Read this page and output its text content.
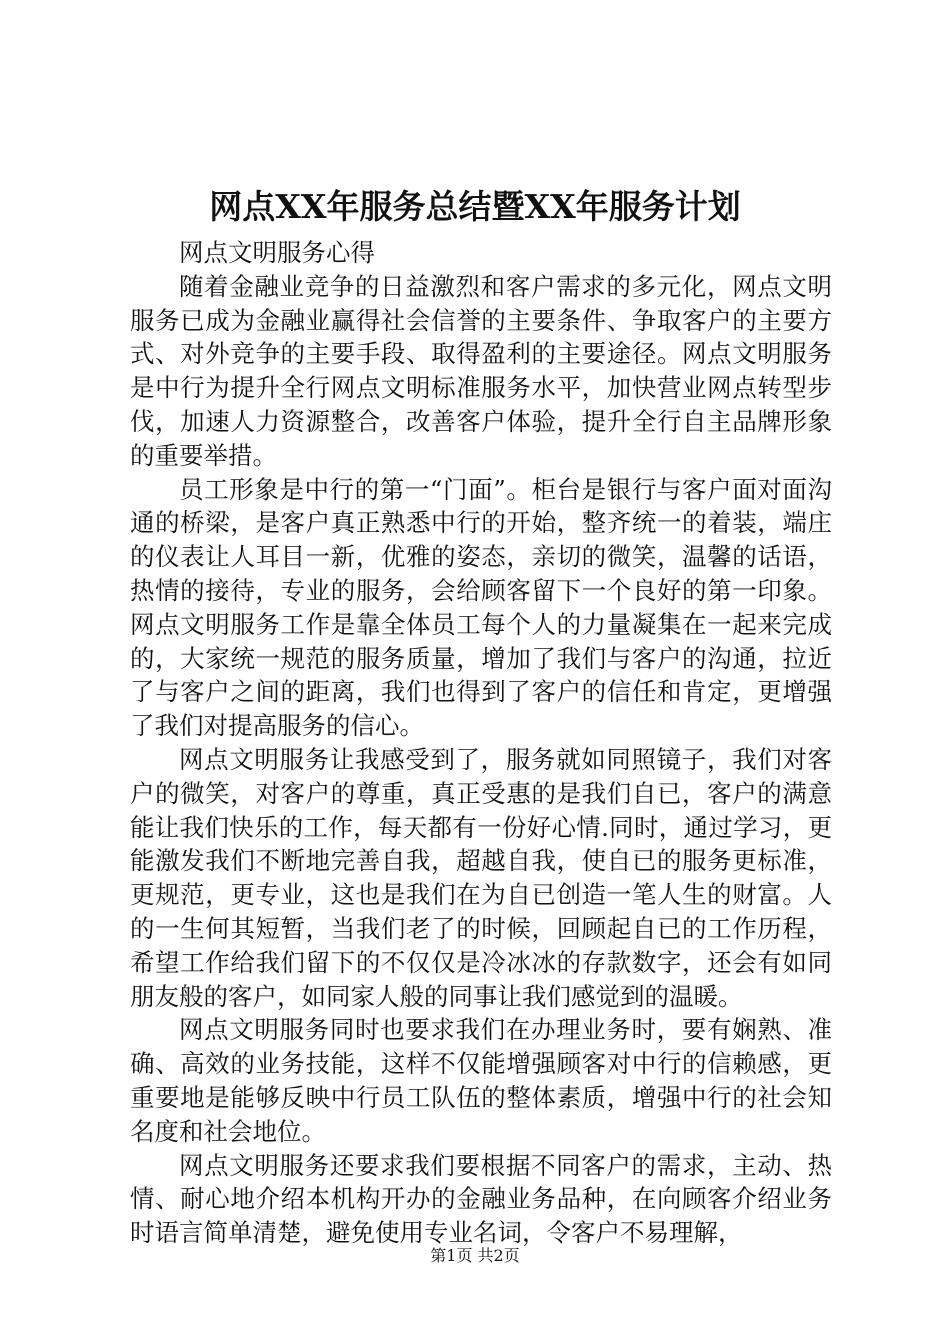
网点XX年服务总结暨XX年服务计划

网点文明服务心得

随着金融业竞争的日益激烈和客户需求的多元化，网点文明服务已成为金融业赢得社会信誉的主要条件、争取客户的主要方式、对外竞争的主要手段、取得盈利的主要途径。网点文明服务是中行为提升全行网点文明标准服务水平，加快营业网点转型步伐，加速人力资源整合，改善客户体验，提升全行自主品牌形象的重要举措。

员工形象是中行的第一“门面”。柜台是银行与客户面对面沟通的桥梁，是客户真正熟悉中行的开始，整齐统一的着装，端庄的仪表让人耳目一新，优雅的姿态，亲切的微笑，温馨的话语，热情的接待，专业的服务，会给顾客留下一个良好的第一印象。网点文明服务工作是靠全体员工每个人的力量凝集在一起来完成的，大家统一规范的服务质量，增加了我们与客户的沟通，拉近了与客户之间的距离，我们也得到了客户的信任和肯定，更增强了我们对提高服务的信心。

网点文明服务让我感受到了，服务就如同照镜子，我们对客户的微笑，对客户的尊重，真正受惠的是我们自已，客户的满意能让我们快乐的工作，每天都有一份好心情.同时，通过学习，更能激发我们不断地完善自我，超越自我，使自已的服务更标准，更规范，更专业，这也是我们在为自已创造一笔人生的财富。人的一生何其短暂，当我们老了的时候，回顾起自已的工作历程，希望工作给我们留下的不仅仅是冷冰冰的存款数字，还会有如同朋友般的客户，如同家人般的同事让我们感觉到的温暖。

网点文明服务同时也要求我们在办理业务时，要有娴熟、准确、高效的业务技能，这样不仅能增强顾客对中行的信赖感，更重要地是能够反映中行员工队伍的整体素质，增强中行的社会知名度和社会地位。

网点文明服务还要求我们要根据不同客户的需求，主动、热情、耐心地介绍本机构开办的金融业务品种，在向顾客介绍业务时语言简单清楚，避免使用专业名词，令客户不易理解，

第1页 共2页
